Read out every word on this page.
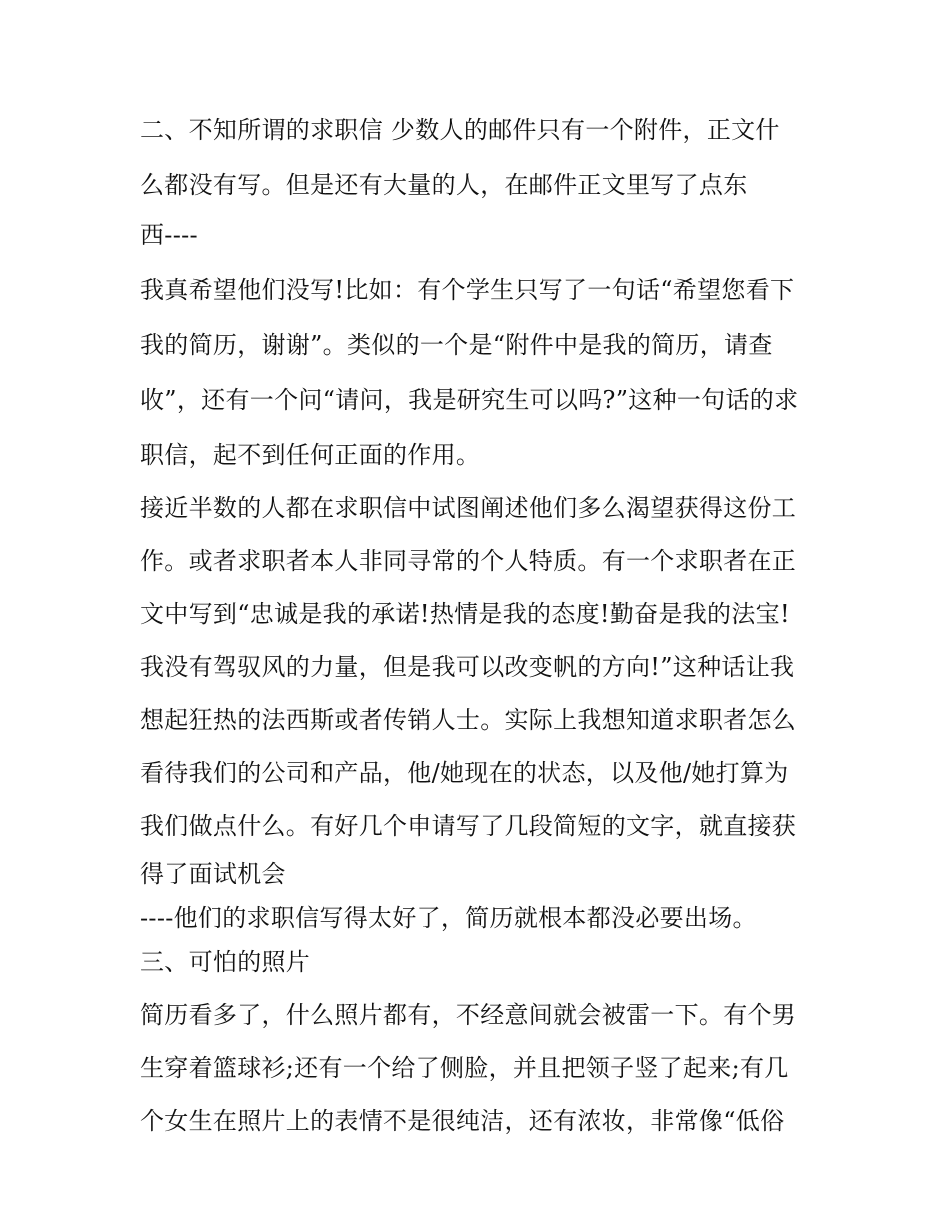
二、不知所谓的求职信 少数人的邮件只有一个附件，正文什
么都没有写。但是还有大量的人，在邮件正文里写了点东
西----
我真希望他们没写!比如：有个学生只写了一句话“希望您看下
我的简历，谢谢”。类似的一个是“附件中是我的简历，请查
收”，还有一个问“请问，我是研究生可以吗?”这种一句话的求
职信，起不到任何正面的作用。
接近半数的人都在求职信中试图阐述他们多么渴望获得这份工
作。或者求职者本人非同寻常的个人特质。有一个求职者在正
文中写到“忠诚是我的承诺!热情是我的态度!勤奋是我的法宝!
我没有驾驭风的力量，但是我可以改变帆的方向!”这种话让我
想起狂热的法西斯或者传销人士。实际上我想知道求职者怎么
看待我们的公司和产品，他/她现在的状态，以及他/她打算为
我们做点什么。有好几个申请写了几段简短的文字，就直接获
得了面试机会
----他们的求职信写得太好了，简历就根本都没必要出场。
三、可怕的照片
简历看多了，什么照片都有，不经意间就会被雷一下。有个男
生穿着篮球衫;还有一个给了侧脸，并且把领子竖了起来;有几
个女生在照片上的表情不是很纯洁，还有浓妆，非常像“低俗
